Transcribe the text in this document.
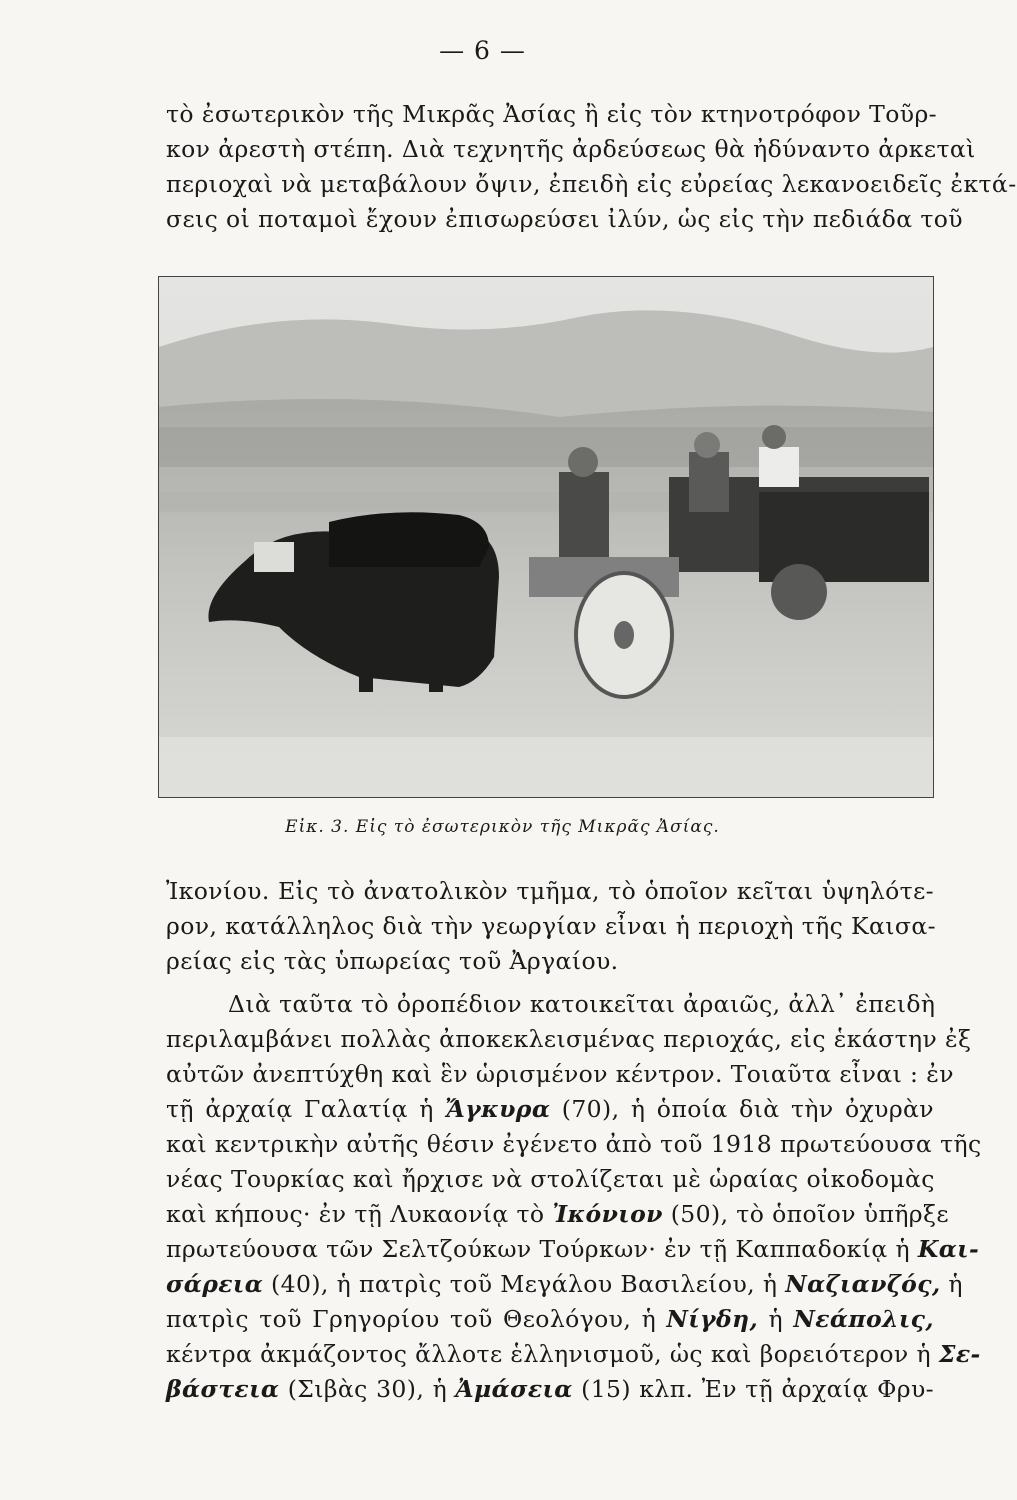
— 6 —

τὸ ἐσωτερικὸν τῆς Μικρᾶς Ἀσίας ἢ εἰς τὸν κτηνοτρόφον Τοῦρ-
κον ἀρεστὴ στέπη. Διὰ τεχνητῆς ἀρδεύσεως θὰ ἠδύναντο ἀρκεταὶ
περιοχαὶ νὰ μεταβάλουν ὄψιν, ἐπειδὴ εἰς εὐρείας λεκανοειδεῖς ἐκτά-
σεις οἱ ποταμοὶ ἔχουν ἐπισωρεύσει ἰλύν, ὡς εἰς τὴν πεδιάδα τοῦ

Εἰκ. 3. Εἰς τὸ ἐσωτερικὸν τῆς Μικρᾶς Ἀσίας.

Ἰκονίου. Εἰς τὸ ἀνατολικὸν τμῆμα, τὸ ὁποῖον κεῖται ὑψηλότε-
ρον, κατάλληλος διὰ τὴν γεωργίαν εἶναι ἡ περιοχὴ τῆς Καισα-
ρείας εἰς τὰς ὑπωρείας τοῦ Ἀργαίου.

Διὰ ταῦτα τὸ ὀροπέδιον κατοικεῖται ἀραιῶς, ἀλλ᾽ ἐπειδὴ
περιλαμβάνει πολλὰς ἀποκεκλεισμένας περιοχάς, εἰς ἑκάστην ἐξ
αὐτῶν ἀνεπτύχθη καὶ ἓν ὡρισμένον κέντρον. Τοιαῦτα εἶναι : ἐν
τῇ ἀρχαίᾳ Γαλατίᾳ ἡ Ἄγκυρα (70), ἡ ὁποία διὰ τὴν ὀχυρὰν
καὶ κεντρικὴν αὐτῆς θέσιν ἐγένετο ἀπὸ τοῦ 1918 πρωτεύουσα τῆς
νέας Τουρκίας καὶ ἤρχισε νὰ στολίζεται μὲ ὡραίας οἰκοδομὰς
καὶ κήπους· ἐν τῇ Λυκαονίᾳ τὸ Ἰκόνιον (50), τὸ ὁποῖον ὑπῆρξε
πρωτεύουσα τῶν Σελτζούκων Τούρκων· ἐν τῇ Καππαδοκίᾳ ἡ Και-
σάρεια (40), ἡ πατρὶς τοῦ Μεγάλου Βασιλείου, ἡ Ναζιανζός, ἡ
πατρὶς τοῦ Γρηγορίου τοῦ Θεολόγου, ἡ Νίγδη, ἡ Νεάπολις,
κέντρα ἀκμάζοντος ἄλλοτε ἑλληνισμοῦ, ὡς καὶ βορειότερον ἡ Σε-
βάστεια (Σιβὰς 30), ἡ Ἀμάσεια (15) κλπ. Ἐν τῇ ἀρχαίᾳ Φρυ-
